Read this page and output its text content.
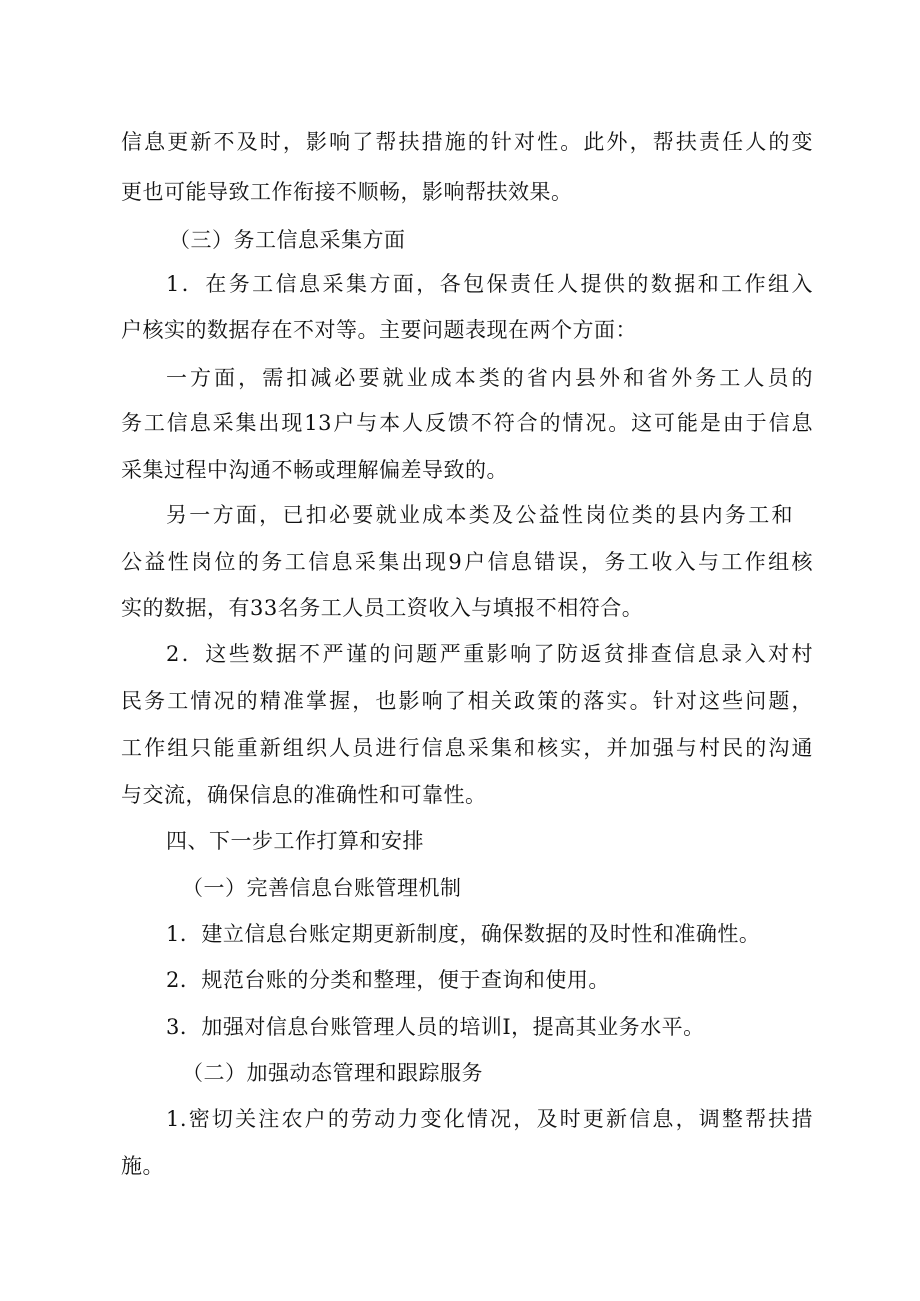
信息更新不及时，影响了帮扶措施的针对性。此外，帮扶责任人的变
更也可能导致工作衔接不顺畅，影响帮扶效果。
（三）务工信息采集方面
1．在务工信息采集方面，各包保责任人提供的数据和工作组入
户核实的数据存在不对等。主要问题表现在两个方面：
一方面，需扣减必要就业成本类的省内县外和省外务工人员的
务工信息采集出现13户与本人反馈不符合的情况。这可能是由于信息
采集过程中沟通不畅或理解偏差导致的。
另一方面，已扣必要就业成本类及公益性岗位类的县内务工和
公益性岗位的务工信息采集出现9户信息错误，务工收入与工作组核
实的数据，有33名务工人员工资收入与填报不相符合。
2．这些数据不严谨的问题严重影响了防返贫排查信息录入对村
民务工情况的精准掌握，也影响了相关政策的落实。针对这些问题，
工作组只能重新组织人员进行信息采集和核实，并加强与村民的沟通
与交流，确保信息的准确性和可靠性。
四、下一步工作打算和安排
（一）完善信息台账管理机制
1．建立信息台账定期更新制度，确保数据的及时性和准确性。
2．规范台账的分类和整理，便于查询和使用。
3．加强对信息台账管理人员的培训I，提高其业务水平。
（二）加强动态管理和跟踪服务
1.密切关注农户的劳动力变化情况，及时更新信息，调整帮扶措
施。
